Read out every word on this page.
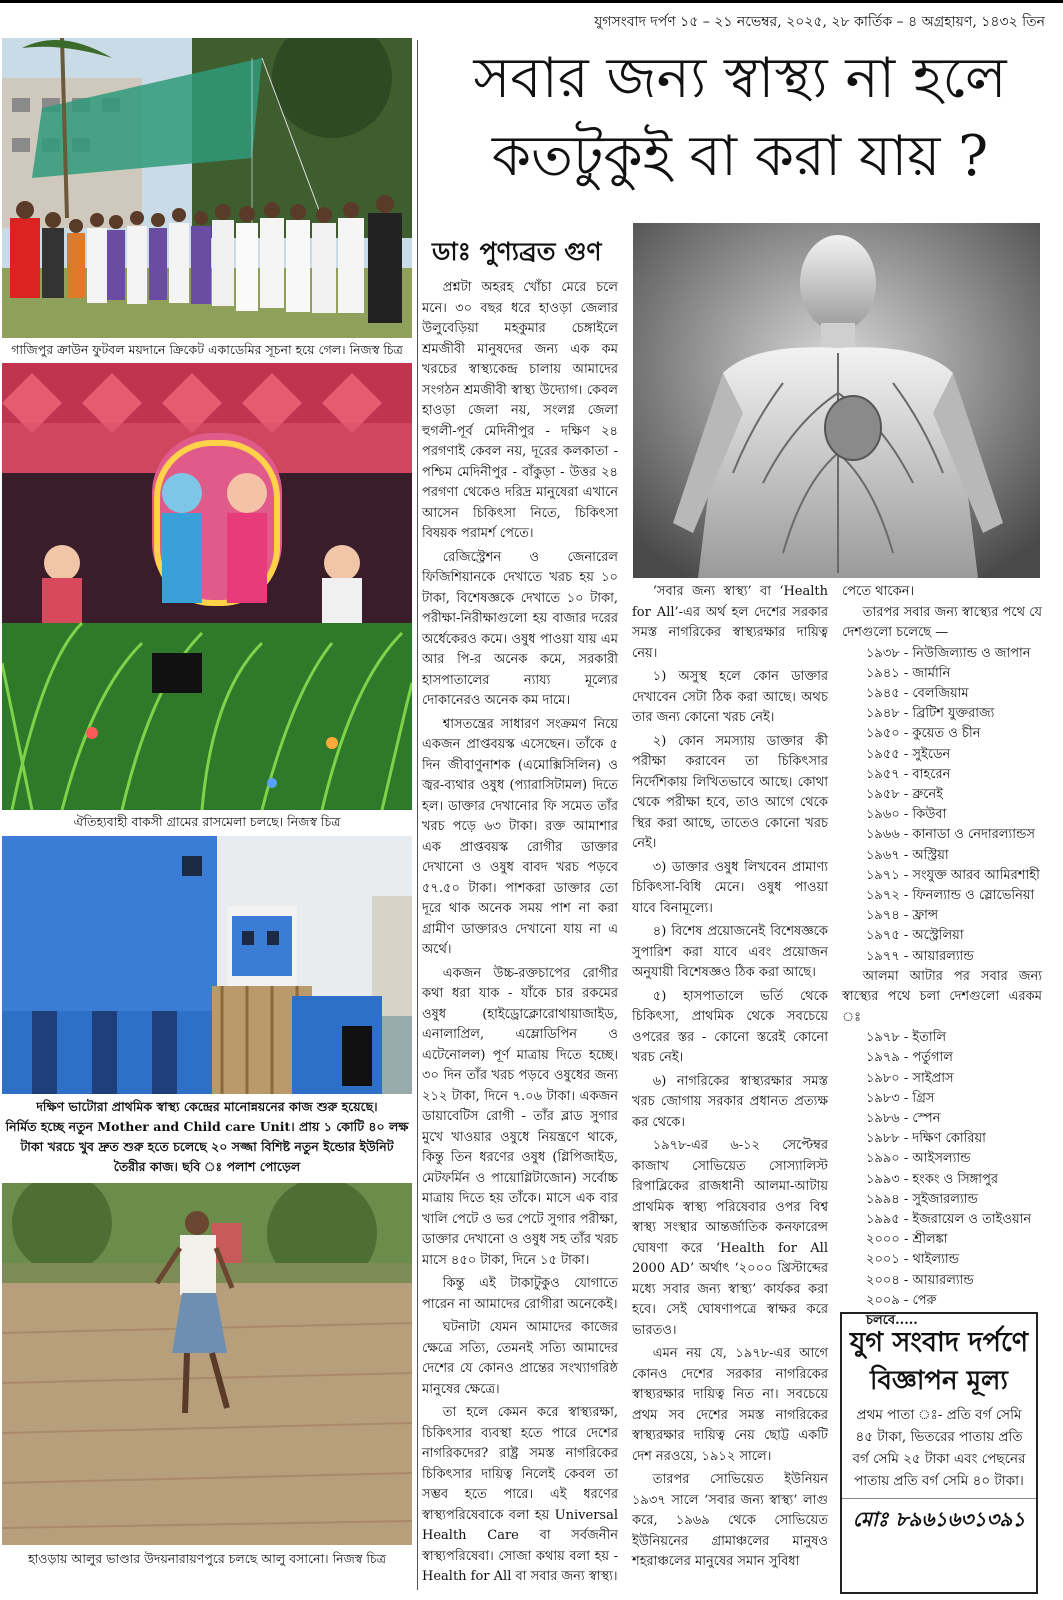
যুগসংবাদ দর্পণ ১৫ – ২১ নভেম্বর, ২০২৫, ২৮ কার্তিক – ৪ অগ্রহায়ণ, ১৪৩২ তিন
গাজিপুর ক্রাউন ফুটবল ময়দানে ক্রিকেট একাডেমির সূচনা হয়ে গেল। নিজস্ব চিত্র
ঐতিহ্যবাহী বাকসী গ্রামের রাসমেলা চলছে। নিজস্ব চিত্র
দক্ষিণ ভাটোরা প্রাথমিক স্বাস্থ্য কেন্দ্রের মানোন্নয়নের কাজ শুরু হয়েছে।
নির্মিত হচ্ছে নতুন Mother and Child care Unit। প্রায় ১ কোটি ৪০ লক্ষ
টাকা খরচে খুব দ্রুত শুরু হতে চলেছে ২০ সজ্জা বিশিষ্ট নতুন ইন্ডোর ইউনিট
তৈরীর কাজ। ছবি ঃ পলাশ পোড়েল
হাওড়ায় আলুর ভাণ্ডার উদয়নারায়ণপুরে চলছে আলু বসানো। নিজস্ব চিত্র
সবার জন্য স্বাস্থ্য না হলে
কতটুকুই বা করা যায় ?
ডাঃ পুণ্যব্রত গুণ

প্রশ্নটা অহরহ খোঁচা মেরে চলে মনে। ৩০ বছর ধরে হাওড়া জেলার উলুবেড়িয়া মহকুমার চেঙ্গাইলে শ্রমজীবী মানুষদের জন্য এক কম খরচের স্বাস্থ্যকেন্দ্র চালায় আমাদের সংগঠন শ্রমজীবী স্বাস্থ্য উদ্যোগ। কেবল হাওড়া জেলা নয়, সংলগ্ন জেলা হুগলী-পূর্ব মেদিনীপুর - দক্ষিণ ২৪ পরগণাই কেবল নয়, দূরের কলকাতা - পশ্চিম মেদিনীপুর - বাঁকুড়া - উত্তর ২৪ পরগণা থেকেও দরিদ্র মানুষেরা এখানে আসেন চিকিৎসা নিতে, চিকিৎসা বিষয়ক পরামর্শ পেতে।

রেজিস্ট্রেশন ও জেনারেল ফিজিশিয়ানকে দেখাতে খরচ হয় ১০ টাকা, বিশেষজ্ঞকে দেখাতে ১০ টাকা, পরীক্ষা-নিরীক্ষাগুলো হয় বাজার দরের অর্ধেকেরও কমে। ওষুধ পাওয়া যায় এম আর পি-র অনেক কমে, সরকারী হাসপাতালের ন্যায্য মূল্যের দোকানেরও অনেক কম দামে।

শ্বাসতন্ত্রের সাধারণ সংক্রমণ নিয়ে একজন প্রাপ্তবয়স্ক এসেছেন। তাঁকে ৫ দিন জীবাণুনাশক (এমোক্সিসিলিন) ও জ্বর-ব্যথার ওষুধ (প্যারাসিটামল) দিতে হল। ডাক্তার দেখানোর ফি সমেত তাঁর খরচ পড়ে ৬৩ টাকা। রক্ত আমাশার এক প্রাপ্তবয়স্ক রোগীর ডাক্তার দেখানো ও ওষুধ বাবদ খরচ পড়বে ৫৭.৫০ টাকা। পাশকরা ডাক্তার তো দূরে থাক অনেক সময় পাশ না করা গ্রামীণ ডাক্তারও দেখানো যায় না এ অর্থে।

একজন উচ্চ-রক্তচাপের রোগীর কথা ধরা যাক - যাঁকে চার রকমের ওষুধ (হাইড্রোক্লোরোথায়াজাইড, এনালাপ্রিল, এম্লোডিপিন ও এটেনোলল) পূর্ণ মাত্রায় দিতে হচ্ছে। ৩০ দিন তাঁর খরচ পড়বে ওষুধের জন্য ২১২ টাকা, দিনে ৭.০৬ টাকা। একজন ডায়াবেটিস রোগী - তাঁর ব্লাড সুগার মুখে খাওয়ার ওষুধে নিয়ন্ত্রণে থাকে, কিন্তু তিন ধরণের ওষুধ (গ্লিপিজাইড, মেটফর্মিন ও পায়োগ্লিটাজোন) সর্বোচ্চ মাত্রায় দিতে হয় তাঁকে। মাসে এক বার খালি পেটে ও ভর পেটে সুগার পরীক্ষা, ডাক্তার দেখানো ও ওষুধ সহ তাঁর খরচ মাসে ৪৫০ টাকা, দিনে ১৫ টাকা।

কিন্তু এই টাকাটুকুও যোগাতে পারেন না আমাদের রোগীরা অনেকেই।

ঘটনাটা যেমন আমাদের কাজের ক্ষেত্রে সত্যি, তেমনই সত্যি আমাদের দেশের যে কোনও প্রান্তের সংখ্যাগরিষ্ঠ মানুষের ক্ষেত্রে।

তা হলে কেমন করে স্বাস্থ্যরক্ষা, চিকিৎসার ব্যবস্থা হতে পারে দেশের নাগরিকদের? রাষ্ট্র সমস্ত নাগরিকের চিকিৎসার দায়িত্ব নিলেই কেবল তা সম্ভব হতে পারে। এই ধরণের স্বাস্থ্যপরিষেবাকে বলা হয় Universal Health Care বা সর্বজনীন স্বাস্থ্যপরিষেবা। সোজা কথায় বলা হয় - Health for All বা সবার জন্য স্বাস্থ্য।

‘সবার জন্য স্বাস্থ্য’ বা ‘Health for All’-এর অর্থ হল দেশের সরকার সমস্ত নাগরিকের স্বাস্থ্যরক্ষার দায়িত্ব নেয়।

১) অসুস্থ হলে কোন ডাক্তার দেখাবেন সেটা ঠিক করা আছে। অথচ তার জন্য কোনো খরচ নেই।

২) কোন সমস্যায় ডাক্তার কী পরীক্ষা করাবেন তা চিকিৎসার নির্দেশিকায় লিখিতভাবে আছে। কোথা থেকে পরীক্ষা হবে, তাও আগে থেকে স্থির করা আছে, তাতেও কোনো খরচ নেই।

৩) ডাক্তার ওষুধ লিখবেন প্রামাণ্য চিকিৎসা-বিধি মেনে। ওষুধ পাওয়া যাবে বিনামূল্যে।

৪) বিশেষ প্রয়োজনেই বিশেষজ্ঞকে সুপারিশ করা যাবে এবং প্রয়োজন অনুযায়ী বিশেষজ্ঞও ঠিক করা আছে।

৫) হাসপাতালে ভর্তি থেকে চিকিৎসা, প্রাথমিক থেকে সবচেয়ে ওপরের স্তর - কোনো স্তরেই কোনো খরচ নেই।

৬) নাগরিকের স্বাস্থ্যরক্ষার সমস্ত খরচ জোগায় সরকার প্রধানত প্রত্যক্ষ কর থেকে।

১৯৭৮-এর ৬-১২ সেপ্টেম্বর কাজাখ সোভিয়েত সোস্যালিস্ট রিপাব্লিকের রাজধানী আলমা-আটায় প্রাথমিক স্বাস্থ্য পরিষেবার ওপর বিশ্ব স্বাস্থ্য সংস্থার আন্তর্জাতিক কনফারেন্স ঘোষণা করে ‘Health for All 2000 AD’ অর্থাৎ ‘২০০০ খ্রিস্টাব্দের মধ্যে সবার জন্য স্বাস্থ্য’ কার্যকর করা হবে। সেই ঘোষণাপত্রে স্বাক্ষর করে ভারতও।

এমন নয় যে, ১৯৭৮-এর আগে কোনও দেশের সরকার নাগরিকের স্বাস্থ্যরক্ষার দায়িত্ব নিত না। সবচেয়ে প্রথম সব দেশের সমস্ত নাগরিকের স্বাস্থ্যরক্ষার দায়িত্ব নেয় ছোট্ট একটি দেশ নরওয়ে, ১৯১২ সালে।

তারপর সোভিয়েত ইউনিয়ন ১৯৩৭ সালে ‘সবার জন্য স্বাস্থ্য’ লাগু করে, ১৯৬৯ থেকে সোভিয়েত ইউনিয়নের গ্রামাঞ্চলের মানুষও শহরাঞ্চলের মানুষের সমান সুবিধা

পেতে থাকেন।
তারপর সবার জন্য স্বাস্থ্যের পথে যে দেশগুলো চলেছে —
১৯৩৮ - নিউজিল্যান্ড ও জাপান
১৯৪১ - জার্মানি
১৯৪৫ - বেলজিয়াম
১৯৪৮ - ব্রিটিশ যুক্তরাজ্য
১৯৫০ - কুয়েত ও চীন
১৯৫৫ - সুইডেন
১৯৫৭ - বাহরেন
১৯৫৮ - ব্রুনেই
১৯৬০ - কিউবা
১৯৬৬ - কানাডা ও নেদারল্যান্ডস
১৯৬৭ - অস্ট্রিয়া
১৯৭১ - সংযুক্ত আরব আমিরশাহী
১৯৭২ - ফিনল্যান্ড ও স্লোভেনিয়া
১৯৭৪ - ফ্রান্স
১৯৭৫ - অস্ট্রেলিয়া
১৯৭৭ - আয়ারল্যান্ড
আলমা আটার পর সবার জন্য স্বাস্থ্যের পথে চলা দেশগুলো এরকম ঃ
১৯৭৮ - ইতালি
১৯৭৯ - পর্তুগাল
১৯৮০ - সাইপ্রাস
১৯৮৩ - গ্রিস
১৯৮৬ - স্পেন
১৯৮৮ - দক্ষিণ কোরিয়া
১৯৯০ - আইসল্যান্ড
১৯৯৩ - হংকং ও সিঙ্গাপুর
১৯৯৪ - সুইজারল্যান্ড
১৯৯৫ - ইজরায়েল ও তাইওয়ান
২০০০ - শ্রীলঙ্কা
২০০১ - থাইল্যান্ড
২০০৪ - আয়ারল্যান্ড
২০০৯ - পেরু
চলবে.....
যুগ সংবাদ দর্পণে
বিজ্ঞাপন মূল্য
প্রথম পাতা ঃ- প্রতি বর্গ সেমি ৪৫ টাকা, ভিতরের পাতায় প্রতি বর্গ সেমি ২৫ টাকা এবং পেছনের পাতায় প্রতি বর্গ সেমি ৪০ টাকা।
মোঃ ৮৯৬১৬৩১৩৯১
